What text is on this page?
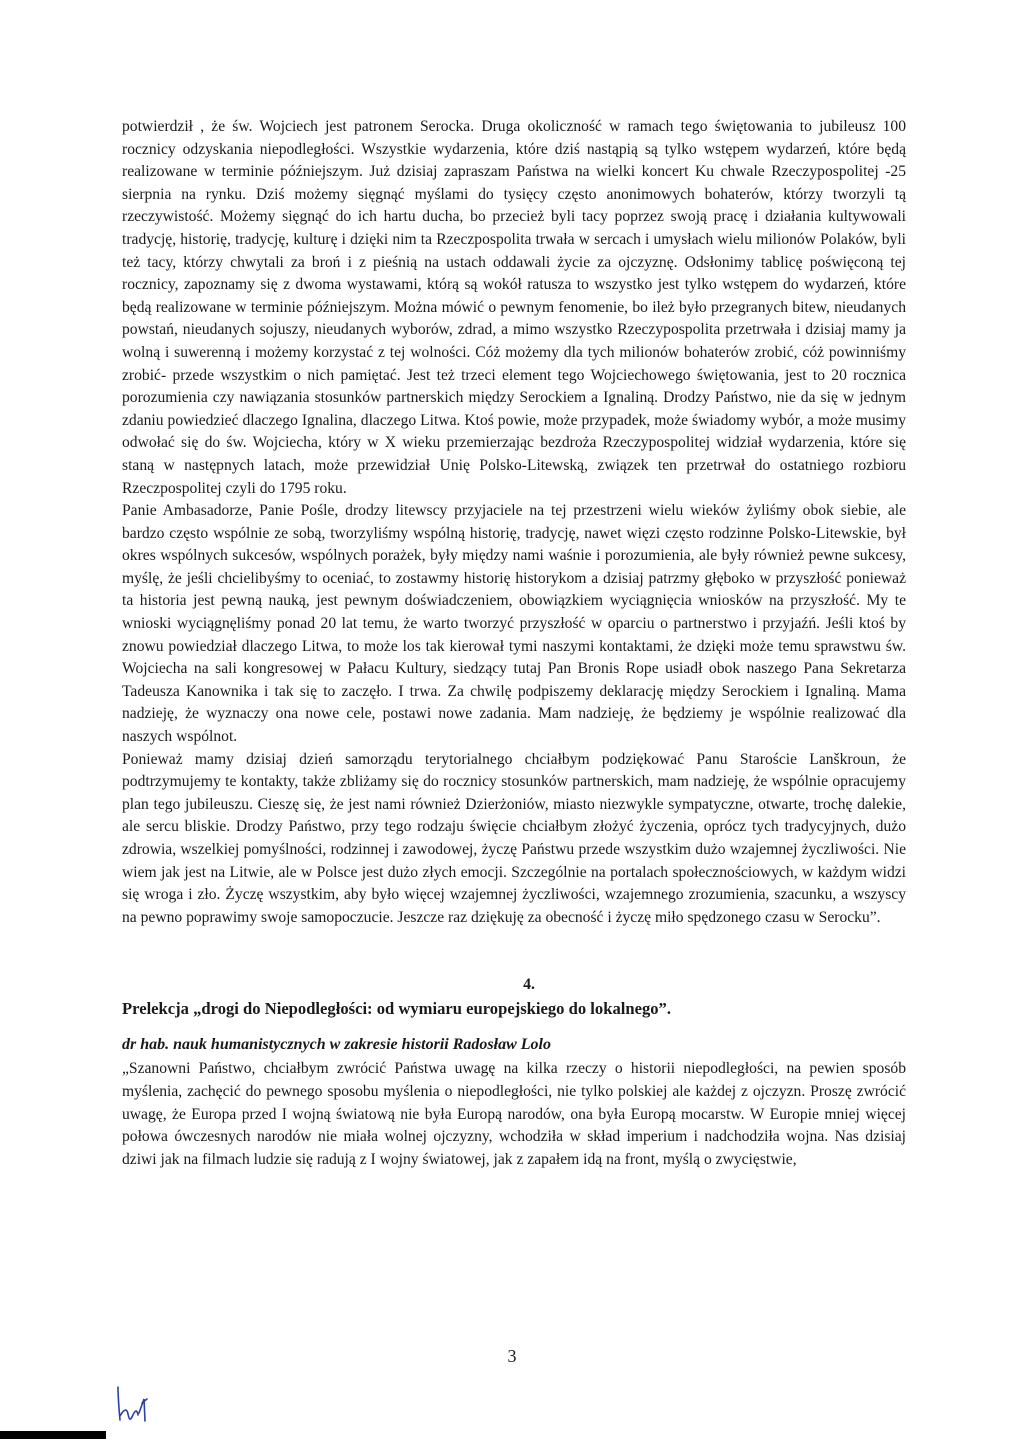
potwierdził , że św. Wojciech jest patronem Serocka. Druga okoliczność w ramach tego świętowania to jubileusz 100 rocznicy odzyskania niepodległości. Wszystkie wydarzenia, które dziś nastąpią są tylko wstępem wydarzeń, które będą realizowane w terminie późniejszym. Już dzisiaj zapraszam Państwa na wielki koncert Ku chwale Rzeczypospolitej -25 sierpnia na rynku. Dziś możemy sięgnąć myślami do tysięcy często anonimowych bohaterów, którzy tworzyli tą rzeczywistość. Możemy sięgnąć do ich hartu ducha, bo przecież byli tacy poprzez swoją pracę i działania kultywowali tradycję, historię, tradycję, kulturę i dzięki nim ta Rzeczpospolita trwała w sercach i umysłach wielu milionów Polaków, byli też tacy, którzy chwytali za broń i z pieśnią na ustach oddawali życie za ojczyznę. Odsłonimy tablicę poświęconą tej rocznicy, zapoznamy się z dwoma wystawami, którą są wokół ratusza to wszystko jest tylko wstępem do wydarzeń, które będą realizowane w terminie późniejszym. Można mówić o pewnym fenomenie, bo ileż było przegranych bitew, nieudanych powstań, nieudanych sojuszy, nieudanych wyborów, zdrad, a mimo wszystko Rzeczypospolita przetrwała i dzisiaj mamy ja wolną i suwerenną i możemy korzystać z tej wolności. Cóż możemy dla tych milionów bohaterów zrobić, cóż powinniśmy zrobić- przede wszystkim o nich pamiętać. Jest też trzeci element tego Wojciechowego świętowania, jest to 20 rocznica porozumienia czy nawiązania stosunków partnerskich między Serockiem a Ignaliną. Drodzy Państwo, nie da się w jednym zdaniu powiedzieć dlaczego Ignalina, dlaczego Litwa. Ktoś powie, może przypadek, może świadomy wybór, a może musimy odwołać się do św. Wojciecha, który w X wieku przemierzając bezdroża Rzeczypospolitej widział wydarzenia, które się staną w następnych latach, może przewidział Unię Polsko-Litewską, związek ten przetrwał do ostatniego rozbioru Rzeczpospolitej czyli do 1795 roku.

Panie Ambasadorze, Panie Pośle, drodzy litewscy przyjaciele na tej przestrzeni wielu wieków żyliśmy obok siebie, ale bardzo często wspólnie ze sobą, tworzyliśmy wspólną historię, tradycję, nawet więzi często rodzinne Polsko-Litewskie, był okres wspólnych sukcesów, wspólnych porażek, były między nami waśnie i porozumienia, ale były również pewne sukcesy, myślę, że jeśli chcielibyśmy to oceniać, to zostawmy historię historykom a dzisiaj patrzmy głęboko w przyszłość ponieważ ta historia jest pewną nauką, jest pewnym doświadczeniem, obowiązkiem wyciągnięcia wniosków na przyszłość. My te wnioski wyciągnęliśmy ponad 20 lat temu, że warto tworzyć przyszłość w oparciu o partnerstwo i przyjaźń. Jeśli ktoś by znowu powiedział dlaczego Litwa, to może los tak kierował tymi naszymi kontaktami, że dzięki może temu sprawstwu św. Wojciecha na sali kongresowej w Pałacu Kultury, siedzący tutaj Pan Bronis Rope usiadł obok naszego Pana Sekretarza Tadeusza Kanownika i tak się to zaczęło. I trwa. Za chwilę podpiszemy deklarację między Serockiem i Ignaliną. Mama nadzieję, że wyznaczy ona nowe cele, postawi nowe zadania. Mam nadzieję, że będziemy je wspólnie realizować dla naszych wspólnot.

Ponieważ mamy dzisiaj dzień samorządu terytorialnego chciałbym podziękować Panu Staroście Lanškroun, że podtrzymujemy te kontakty, także zbliżamy się do rocznicy stosunków partnerskich, mam nadzieję, że wspólnie opracujemy plan tego jubileuszu. Cieszę się, że jest nami również Dzierżoniów, miasto niezwykle sympatyczne, otwarte, trochę dalekie, ale sercu bliskie. Drodzy Państwo, przy tego rodzaju święcie chciałbym złożyć życzenia, oprócz tych tradycyjnych, dużo zdrowia, wszelkiej pomyślności, rodzinnej i zawodowej, życzę Państwu przede wszystkim dużo wzajemnej życzliwości. Nie wiem jak jest na Litwie, ale w Polsce jest dużo złych emocji. Szczególnie na portalach społecznościowych, w każdym widzi się wroga i zło. Życzę wszystkim, aby było więcej wzajemnej życzliwości, wzajemnego zrozumienia, szacunku, a wszyscy na pewno poprawimy swoje samopoczucie. Jeszcze raz dziękuję za obecność i życzę miło spędzonego czasu w Serocku”.

4.
Prelekcja „drogi do Niepodległości: od wymiaru europejskiego do lokalnego”.
dr hab. nauk humanistycznych w zakresie historii Radosław Lolo

„Szanowni Państwo, chciałbym zwrócić Państwa uwagę na kilka rzeczy o historii niepodległości, na pewien sposób myślenia, zachęcić do pewnego sposobu myślenia o niepodległości, nie tylko polskiej ale każdej z ojczyzn. Proszę zwrócić uwagę, że Europa przed I wojną światową nie była Europą narodów, ona była Europą mocarstw. W Europie mniej więcej połowa ówczesnych narodów nie miała wolnej ojczyzny, wchodziła w skład imperium i nadchodziła wojna. Nas dzisiaj dziwi jak na filmach ludzie się radują z I wojny światowej, jak z zapałem idą na front, myślą o zwycięstwie,

3
